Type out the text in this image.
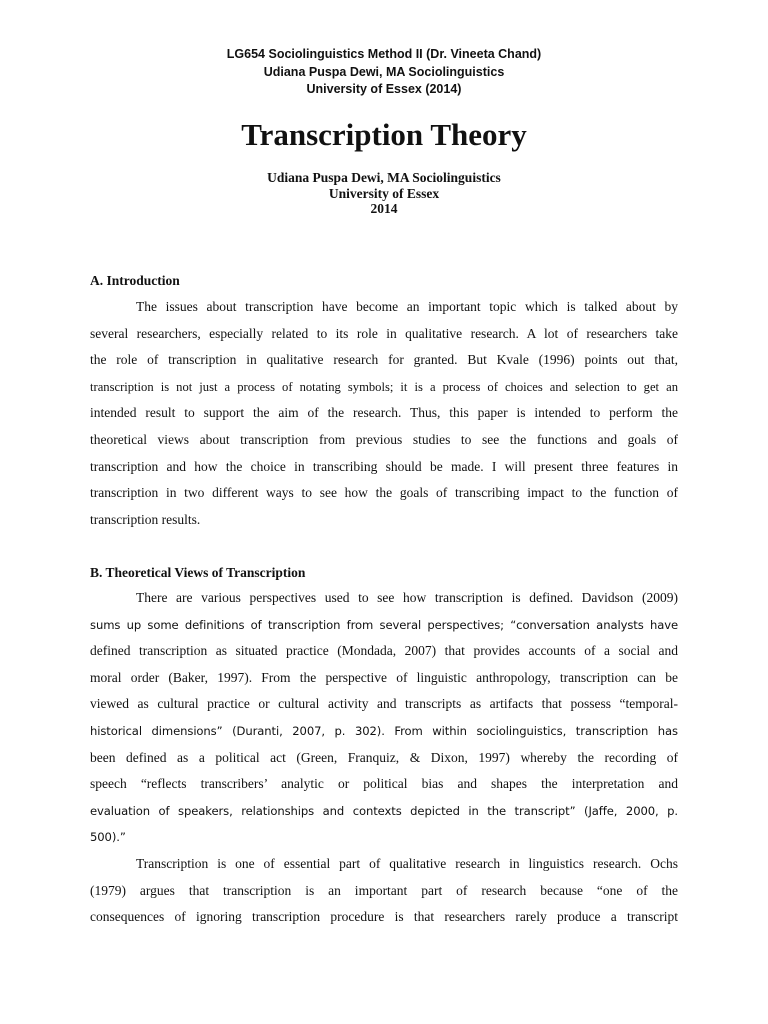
LG654 Sociolinguistics Method II (Dr. Vineeta Chand)
Udiana Puspa Dewi, MA Sociolinguistics
University of Essex (2014)
Transcription Theory
Udiana Puspa Dewi, MA Sociolinguistics
University of Essex
2014
A. Introduction
The issues about transcription have become an important topic which is talked about by
several researchers, especially related to its role in qualitative research. A lot of researchers take
the role of transcription in qualitative research for granted. But Kvale (1996) points out that,
transcription is not just a process of notating symbols; it is a process of choices and selection to get an
intended result to support the aim of the research. Thus, this paper is intended to perform the
theoretical views about transcription from previous studies to see the functions and goals of
transcription and how the choice in transcribing should be made. I will present three features in
transcription in two different ways to see how the goals of transcribing impact to the function of
transcription results.
B. Theoretical Views of Transcription
There are various perspectives used to see how transcription is defined. Davidson (2009)
sums up some definitions of transcription from several perspectives; “conversation analysts have
defined transcription as situated practice (Mondada, 2007) that provides accounts of a social and
moral order (Baker, 1997). From the perspective of linguistic anthropology, transcription can be
viewed as cultural practice or cultural activity and transcripts as artifacts that possess “temporal-
historical dimensions” (Duranti, 2007, p. 302). From within sociolinguistics, transcription has
been defined as a political act (Green, Franquiz, & Dixon, 1997) whereby the recording of
speech “reflects transcribers’ analytic or political bias and shapes the interpretation and
evaluation of speakers, relationships and contexts depicted in the transcript” (Jaffe, 2000, p.
500).”
Transcription is one of essential part of qualitative research in linguistics research. Ochs
(1979) argues that transcription is an important part of research because “one of the
consequences of ignoring transcription procedure is that researchers rarely produce a transcript
